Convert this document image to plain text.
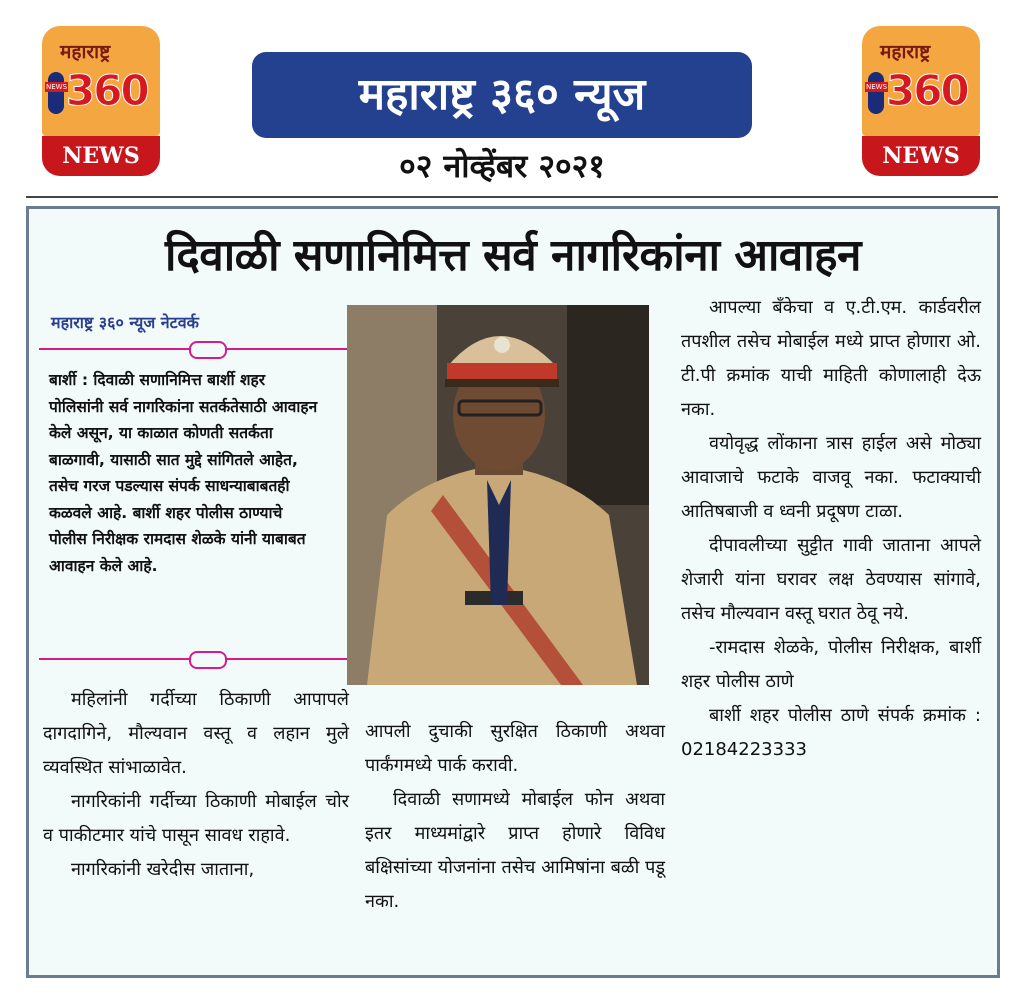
महाराष्ट्र
NEWS
360
NEWS
महाराष्ट्र ३६० न्यूज
०२ नोव्हेंबर २०२१
महाराष्ट्र
NEWS
360
NEWS
दिवाळी सणानिमित्त सर्व नागरिकांना आवाहन
महाराष्ट्र ३६० न्यूज नेटवर्क
बार्शी : दिवाळी सणानिमित्त बार्शी शहर पोलिसांनी सर्व नागरिकांना सतर्कतेसाठी आवाहन केले असून, या काळात कोणती सतर्कता बाळगावी, यासाठी सात मुद्दे सांगितले आहेत, तसेच गरज पडल्यास संपर्क साधन्याबाबतही कळवले आहे. बार्शी शहर पोलीस ठाण्याचे पोलीस निरीक्षक रामदास शेळके यांनी याबाबत आवाहन केले आहे.

महिलांनी गर्दीच्या ठिकाणी आपापले दागदागिने, मौल्यवान वस्तू व लहान मुले व्यवस्थित सांभाळावेत.

नागरिकांनी गर्दीच्या ठिकाणी मोबाईल चोर व पाकीटमार यांचे पासून सावध राहावे.

नागरिकांनी खरेदीस जाताना,

आपली दुचाकी सुरक्षित ठिकाणी अथवा पार्कंगमध्ये पार्क करावी.

दिवाळी सणामध्ये मोबाईल फोन अथवा इतर माध्यमांद्वारे प्राप्त होणारे विविध बक्षिसांच्या योजनांना तसेच आमिषांना बळी पडू नका.

आपल्या बँकेचा व ए.टी.एम. कार्डवरील तपशील तसेच मोबाईल मध्ये प्राप्त होणारा ओ. टी.पी क्रमांक याची माहिती कोणालाही देऊ नका.

वयोवृद्ध लोंकाना त्रास हाईल असे मोठ्या आवाजाचे फटाके वाजवू नका. फटाक्याची आतिषबाजी व ध्वनी प्रदूषण टाळा.

दीपावलीच्या सुट्टीत गावी जाताना आपले शेजारी यांना घरावर लक्ष ठेवण्यास सांगावे, तसेच मौल्यवान वस्तू घरात ठेवू नये.

-रामदास शेळके, पोलीस निरीक्षक, बार्शी शहर पोलीस ठाणे

बार्शी शहर पोलीस ठाणे संपर्क क्रमांक : 02184223333
